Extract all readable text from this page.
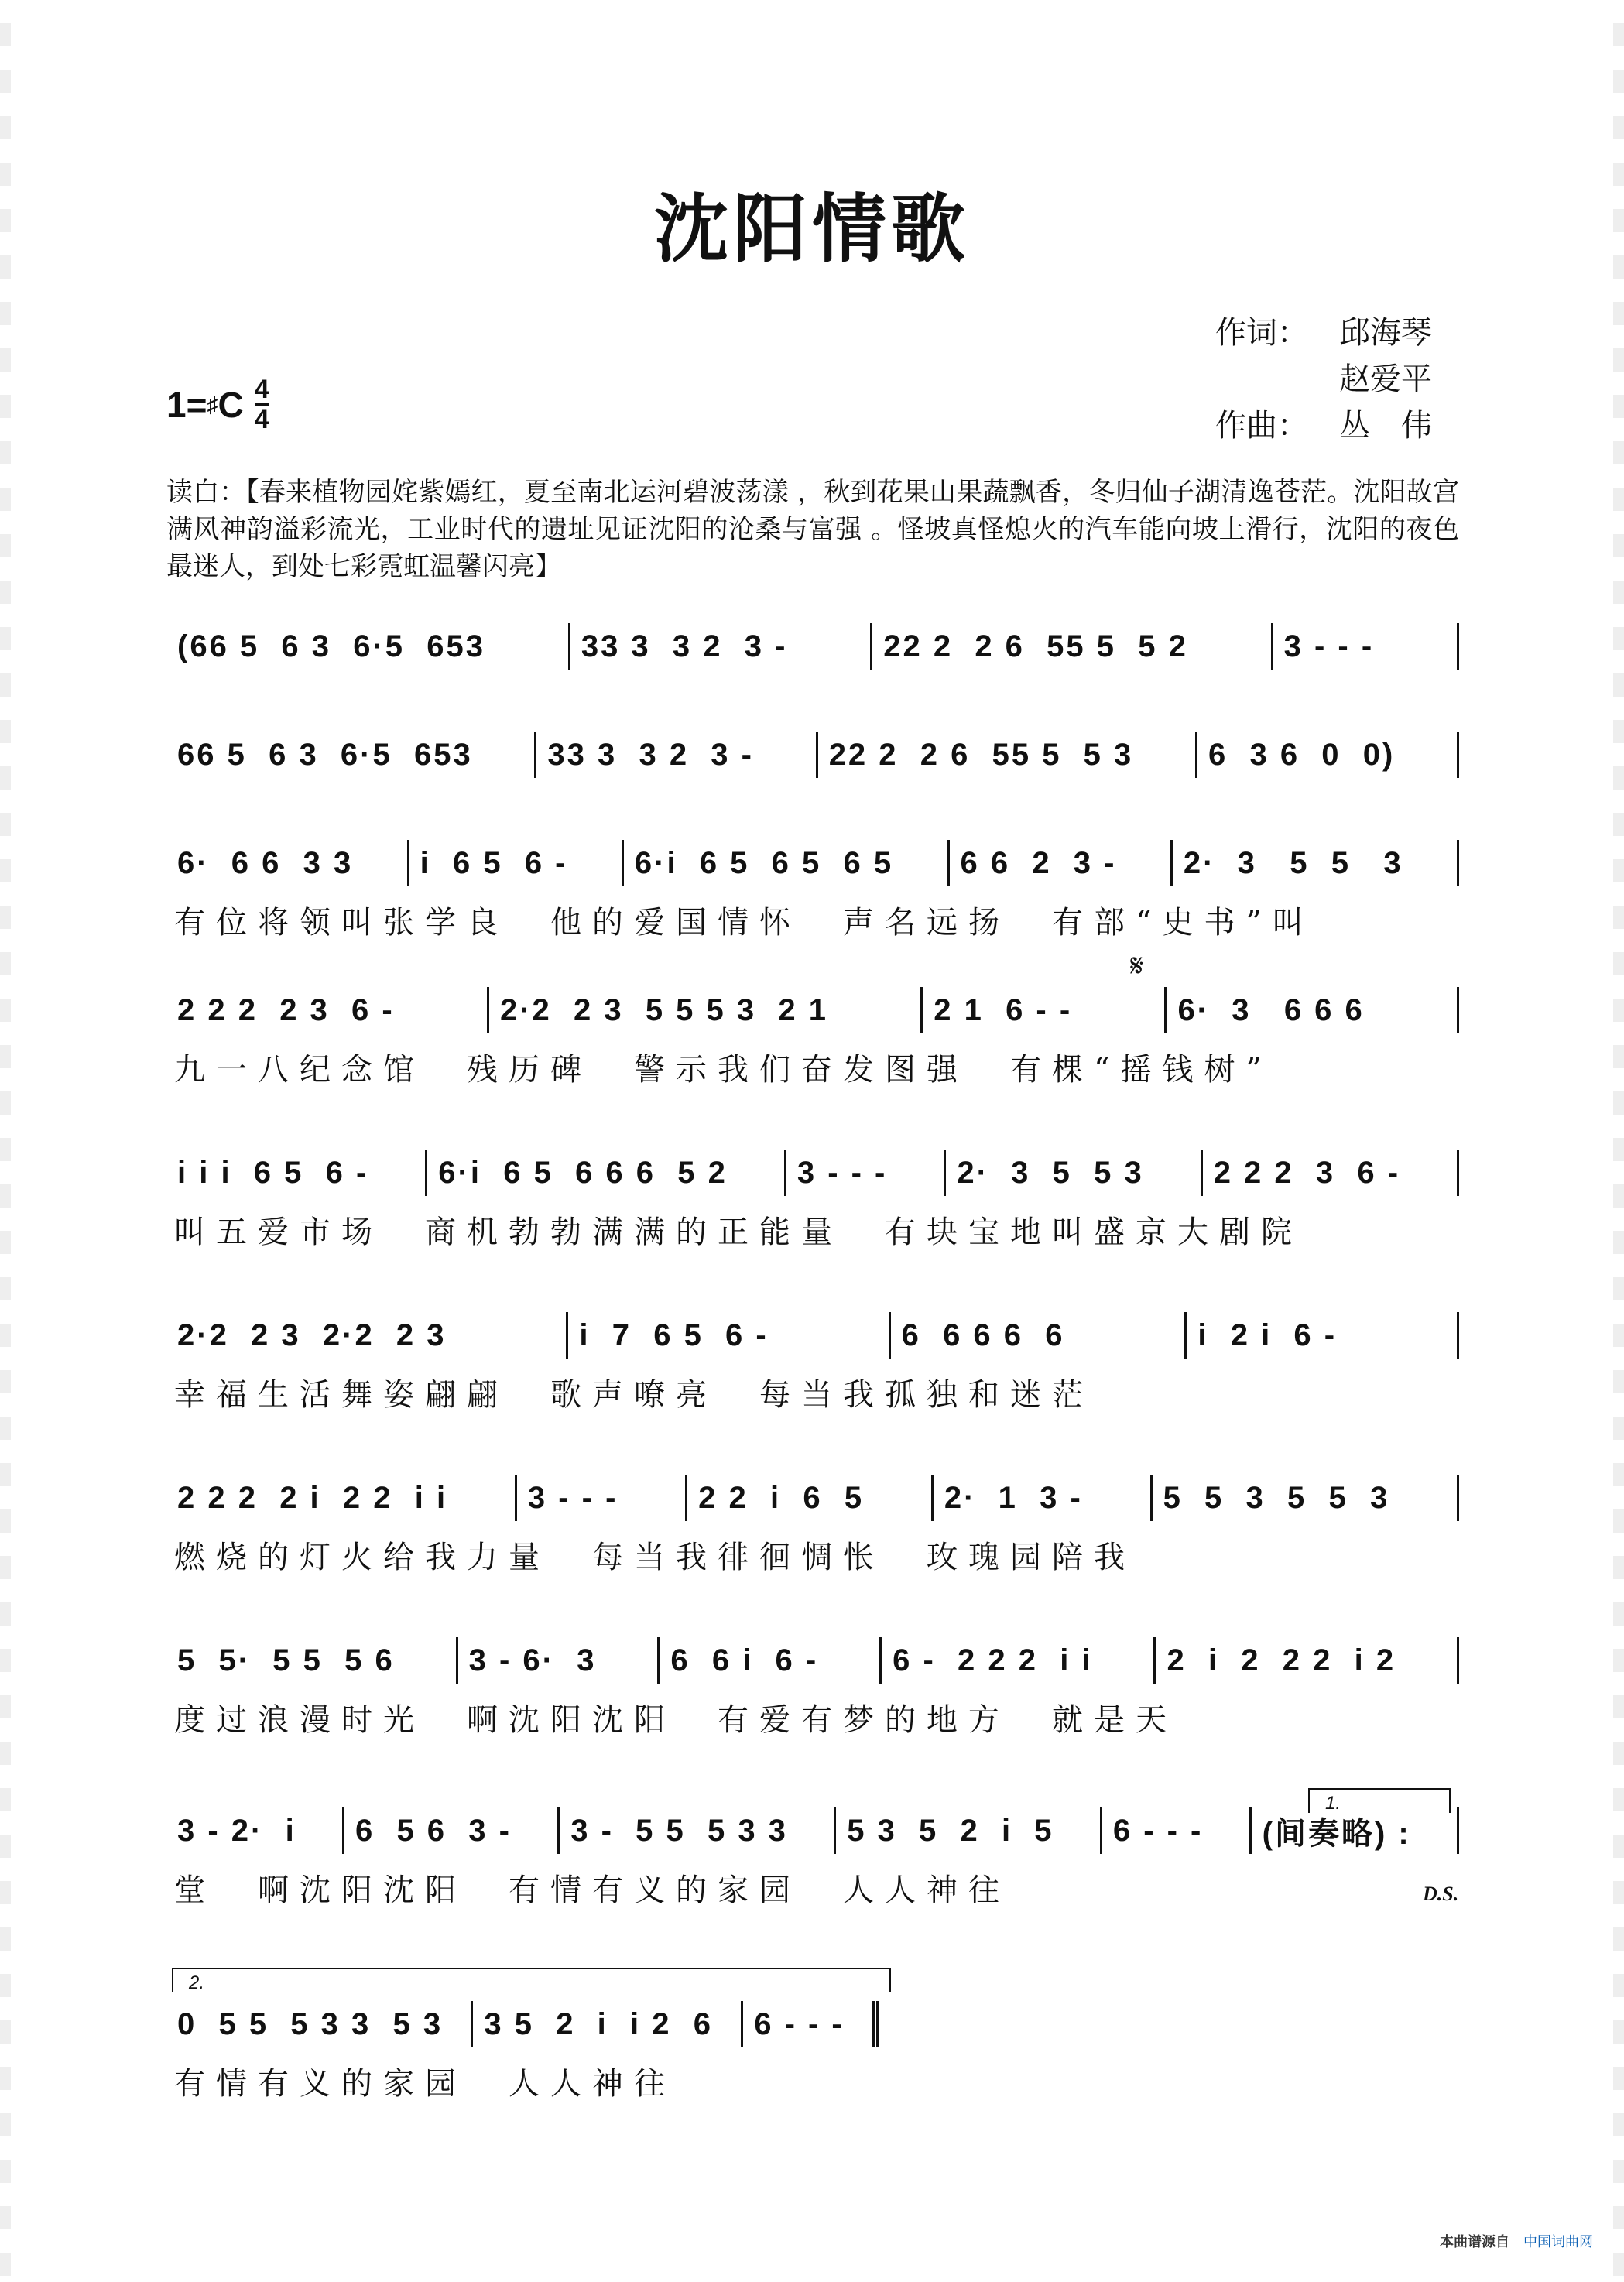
沈阳情歌
1= ♯ C $\frac{4}{4}$
作词：	邱海琴
赵爱平
作曲：	丛　伟
读白：【春来植物园姹紫嫣红，夏至南北运河碧波荡漾 ，秋到花果山果蔬飘香，冬归仙子湖清逸苍茫。沈阳故宫满风神韵溢彩流光，工业时代的遗址见证沈阳的沧桑与富强 。怪坡真怪熄火的汽车能向坡上滑行，沈阳的夜色最迷人，到处七彩霓虹温馨闪亮】
(66 5  6 3  6·5  653	33 3  3 2  3 -	22 2  2 6  55 5  5 2	3 - - -
66 5  6 3  6·5  653	33 3  3 2  3 -	22 2  2 6  55 5  5 3	6  3 6  0  0)
6·  6 6  3 3	i  6 5  6 -	6·i  6 5  6 5  6 5	6 6  2  3 -	2·  3   5  5   3
有位将领叫张学良　他的爱国情怀　声名远扬　有部“史书”叫
2 2 2  2 3  6 -	2·2  2 3  5 5 5 3  2 1	2 1  6 - -	6·  3   6 6 6
九一八纪念馆　残历碑　警示我们奋发图强　有棵“摇钱树”
i i i  6 5  6 -	6·i  6 5  6 6 6  5 2	3 - - -	2·  3  5  5 3	2 2 2  3  6 -
叫五爱市场　商机勃勃满满的正能量　有块宝地叫盛京大剧院
2·2  2 3  2·2  2 3	i  7  6 5  6 -	6  6 6 6  6	i  2 i  6 -
幸福生活舞姿翩翩　歌声嘹亮　每当我孤独和迷茫
2 2 2  2 i  2 2  i i	3 - - -	2 2  i  6  5	2·  1  3 -	5  5  3  5  5  3
燃烧的灯火给我力量　每当我徘徊惆怅　玫瑰园陪我
5  5·  5 5  5 6	3 - 6·  3	6  6 i  6 -	6 -  2 2 2  i i	2  i  2  2 2  i 2
度过浪漫时光　啊沈阳沈阳　有爱有梦的地方　就是天
3 - 2·  i	6  5 6  3 -	3 -  5 5  5 3 3	5 3  5  2  i  5	6 - - -	(间奏略) :
堂　啊沈阳沈阳　有情有义的家园　人人神往
0  5 5  5 3 3  5 3	3 5  2  i  i 2  6	6 - - -
有情有义的家园　人人神往
𝄋
1.
D.S.
2.
本曲谱源自 中国词曲网
